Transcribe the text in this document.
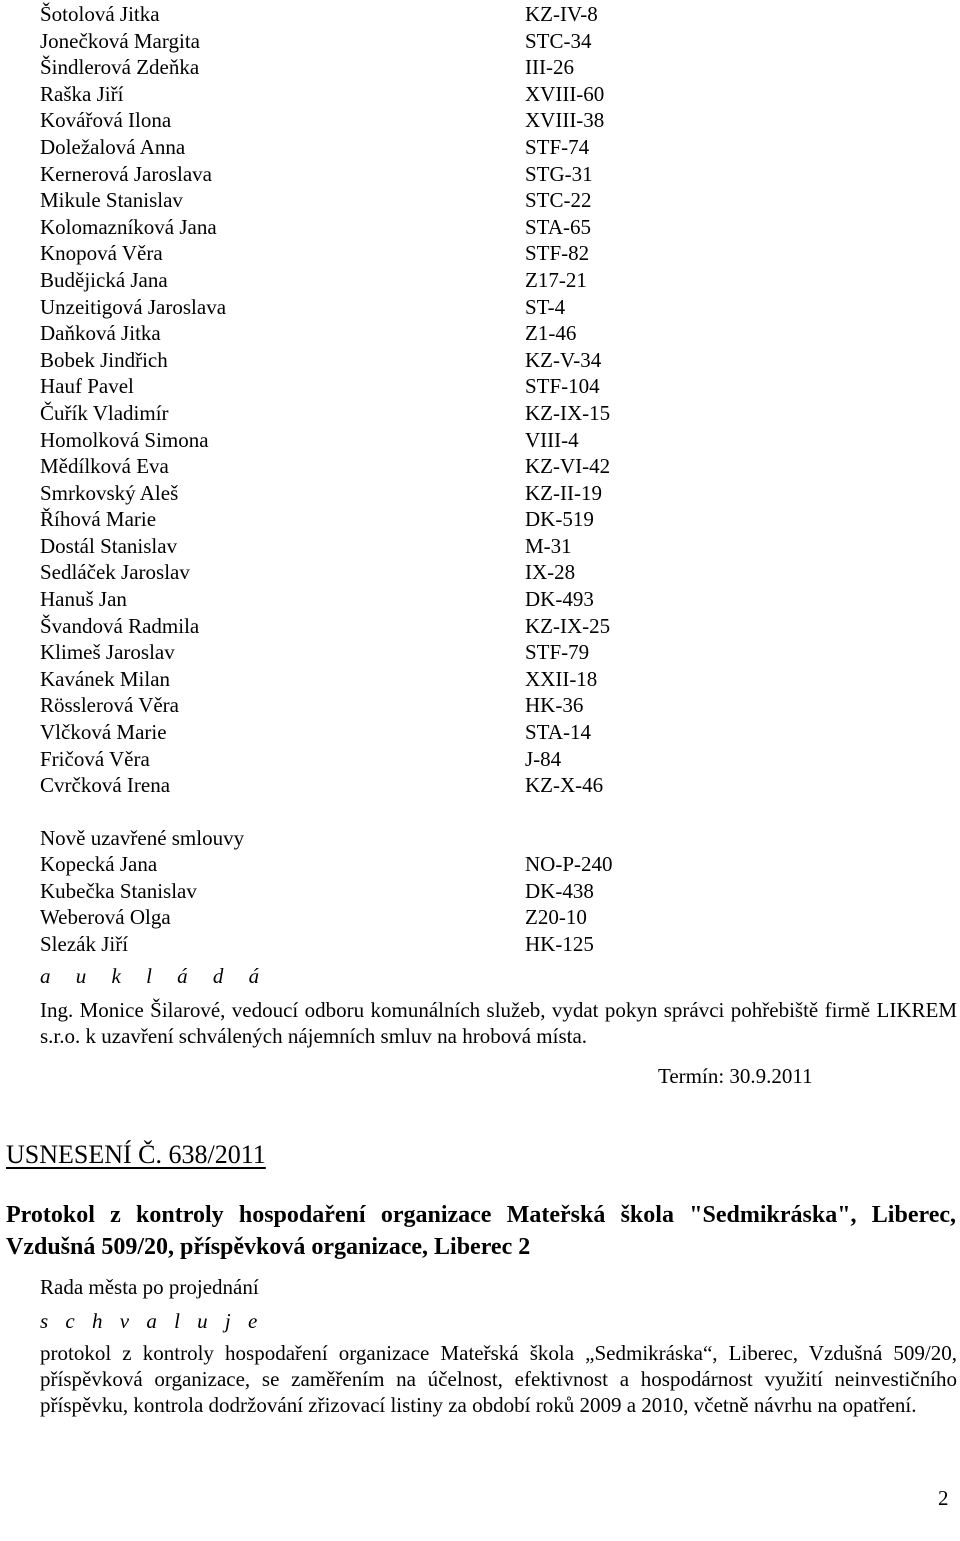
Šotolová Jitka	KZ-IV-8
Jonečková Margita	STC-34
Šindlerová Zdeňka	III-26
Raška Jiří	XVIII-60
Kovářová Ilona	XVIII-38
Doležalová Anna	STF-74
Kernerová Jaroslava	STG-31
Mikule Stanislav	STC-22
Kolomazníková Jana	STA-65
Knopová Věra	STF-82
Budějická Jana	Z17-21
Unzeitigová Jaroslava	ST-4
Daňková Jitka	Z1-46
Bobek Jindřich	KZ-V-34
Hauf Pavel	STF-104
Čuřík Vladimír	KZ-IX-15
Homolková Simona	VIII-4
Mědílková Eva	KZ-VI-42
Smrkovský Aleš	KZ-II-19
Říhová Marie	DK-519
Dostál Stanislav	M-31
Sedláček Jaroslav	IX-28
Hanuš Jan	DK-493
Švandová Radmila	KZ-IX-25
Klimeš Jaroslav	STF-79
Kavánek Milan	XXII-18
Rösslerová Věra	HK-36
Vlčková Marie	STA-14
Fričová Věra	J-84
Cvrčková Irena	KZ-X-46
Nově uzavřené smlouvy
Kopecká Jana	NO-P-240
Kubečka Stanislav	DK-438
Weberová Olga	Z20-10
Slezák Jiří	HK-125
a u k l á d á
Ing. Monice Šilarové, vedoucí odboru komunálních služeb, vydat pokyn správci pohřebiště firmě LIKREM s.r.o. k uzavření schválených nájemních smluv na hrobová místa.
Termín: 30.9.2011
USNESENÍ Č. 638/2011
Protokol z kontroly hospodaření organizace Mateřská škola "Sedmikráska", Liberec, Vzdušná 509/20, příspěvková organizace, Liberec 2
Rada města po projednání
s c h v a l u j e
protokol z kontroly hospodaření organizace Mateřská škola „Sedmikráska“, Liberec, Vzdušná 509/20, příspěvková organizace, se zaměřením na účelnost, efektivnost a hospodárnost využití neinvestičního příspěvku, kontrola dodržování zřizovací listiny za období roků 2009 a 2010, včetně návrhu na opatření.
2
